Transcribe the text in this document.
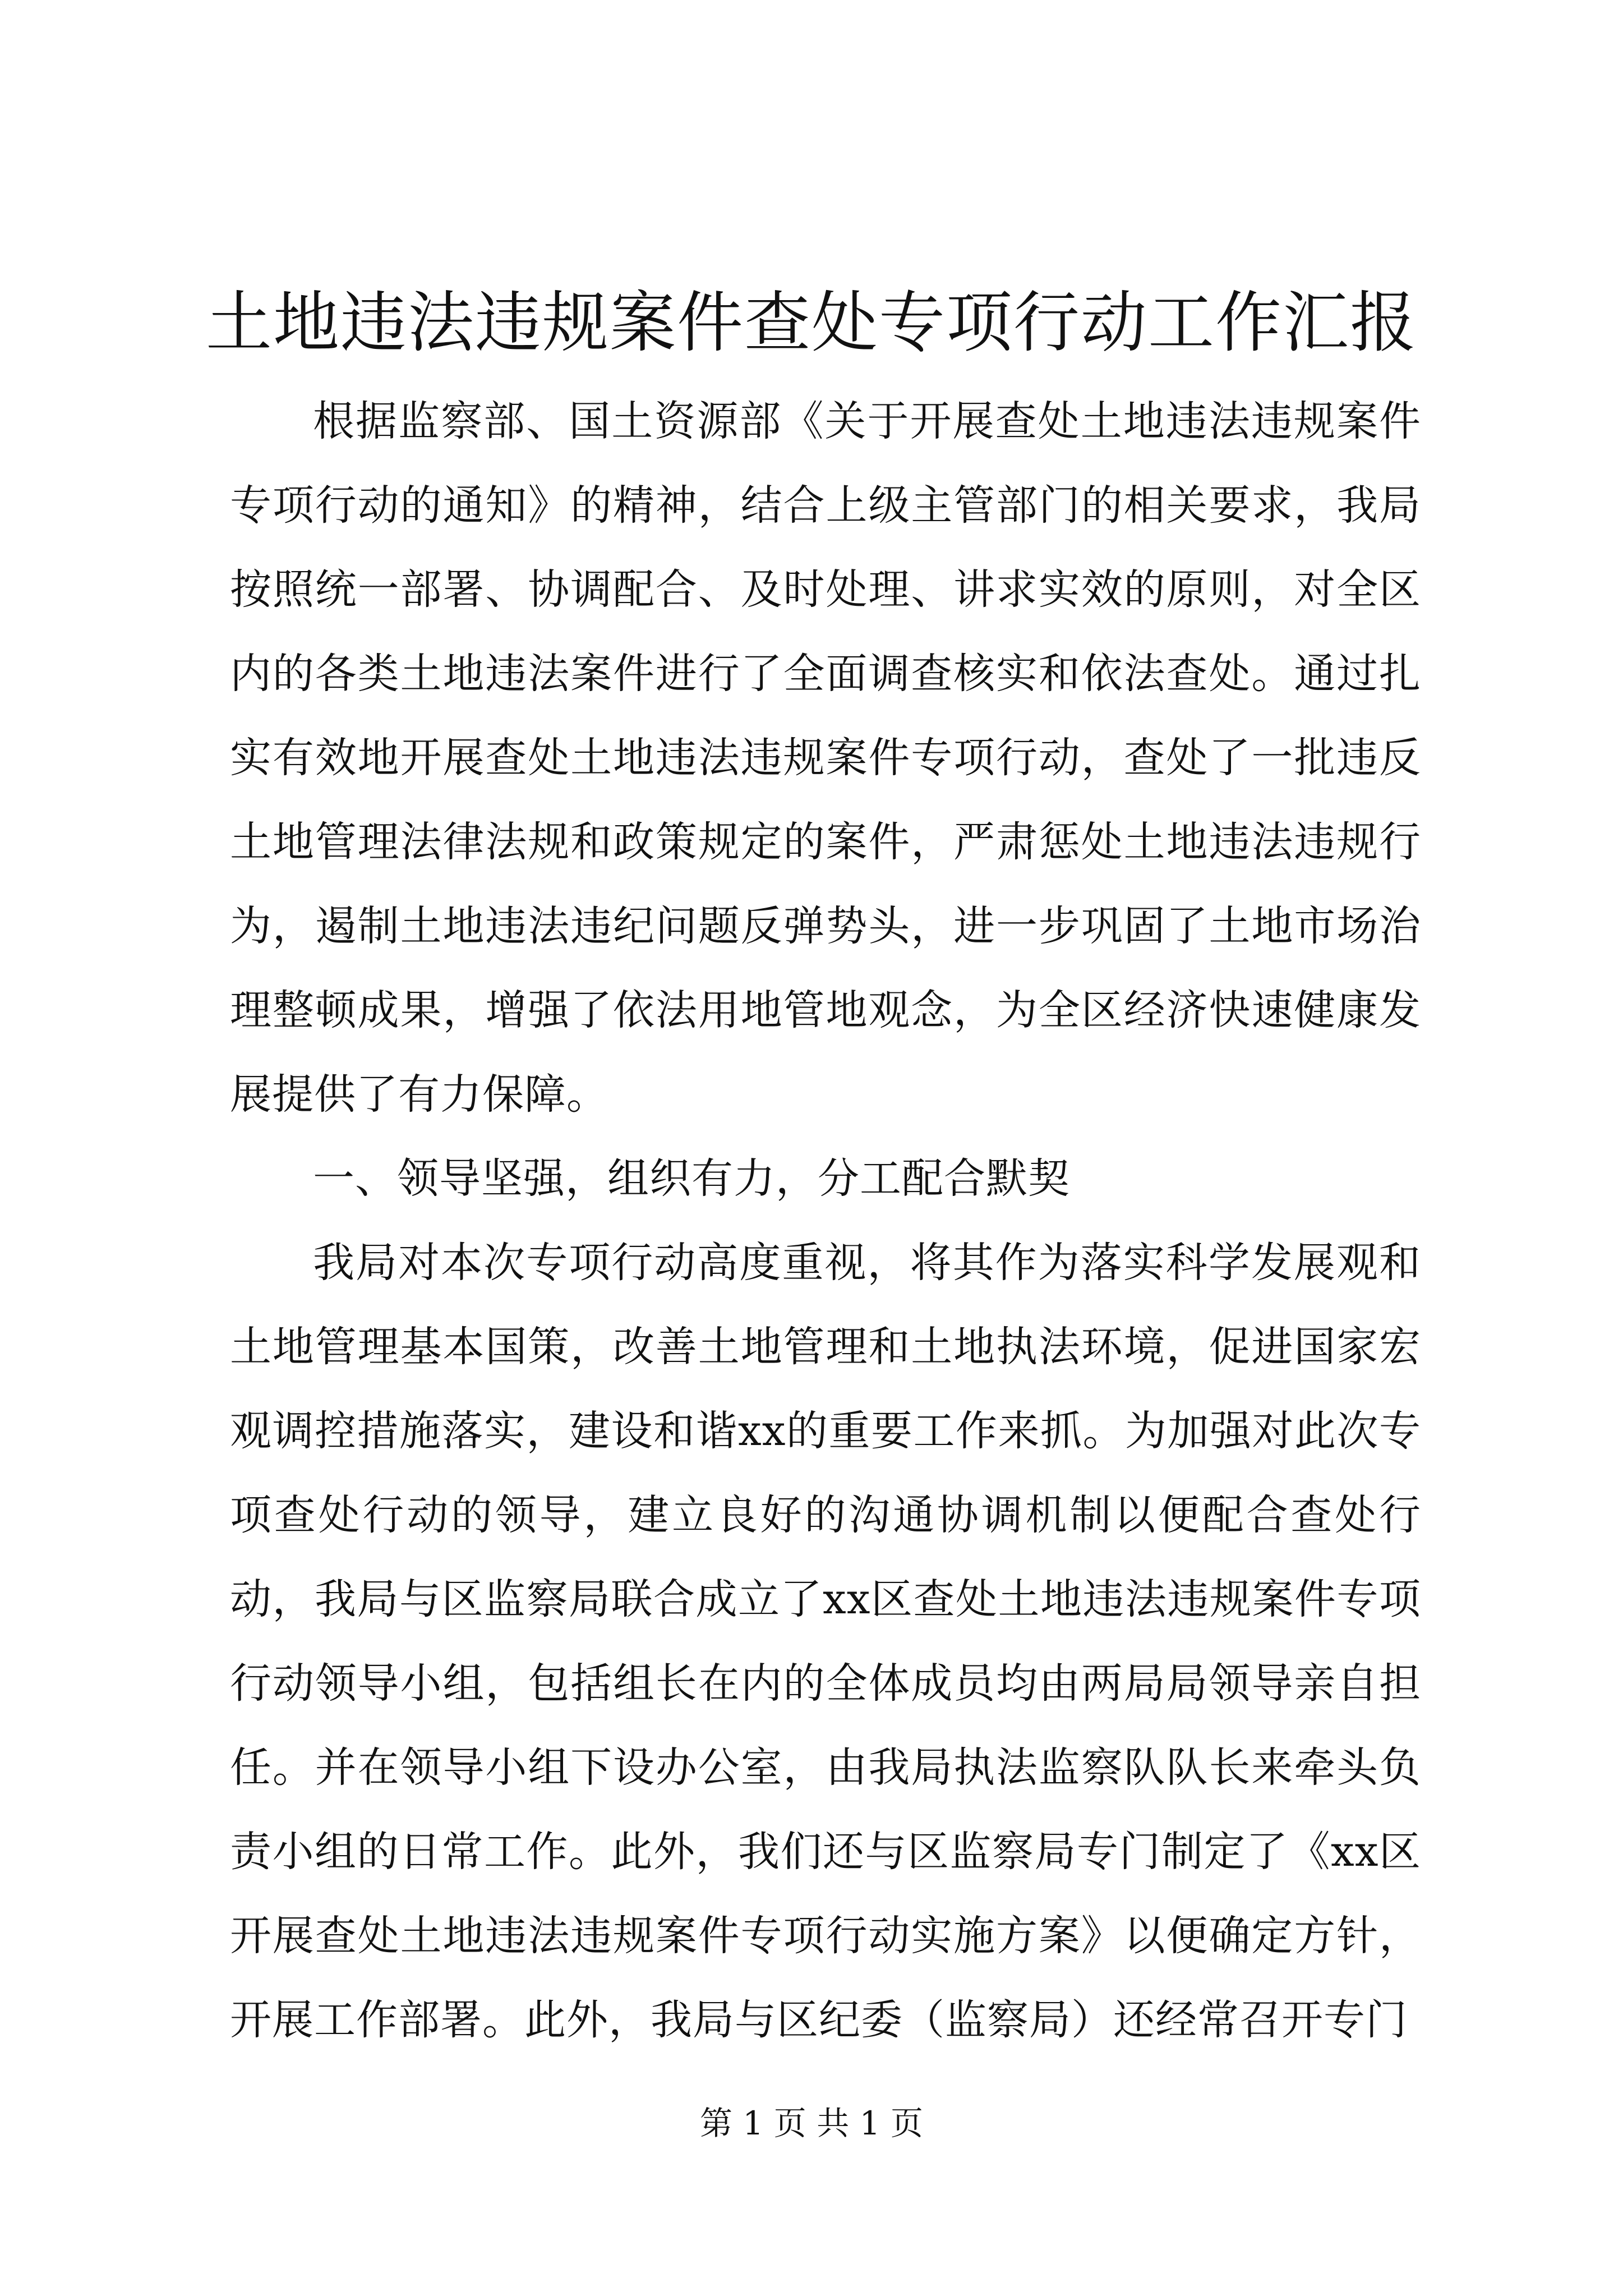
土地违法违规案件查处专项行动工作汇报

根据监察部、国土资源部《关于开展查处土地违法违规案件专项行动的通知》的精神，结合上级主管部门的相关要求，我局按照统一部署、协调配合、及时处理、讲求实效的原则，对全区内的各类土地违法案件进行了全面调查核实和依法查处。通过扎实有效地开展查处土地违法违规案件专项行动，查处了一批违反土地管理法律法规和政策规定的案件，严肃惩处土地违法违规行为，遏制土地违法违纪问题反弹势头，进一步巩固了土地市场治理整顿成果，增强了依法用地管地观念，为全区经济快速健康发展提供了有力保障。

一、领导坚强，组织有力，分工配合默契

我局对本次专项行动高度重视，将其作为落实科学发展观和土地管理基本国策，改善土地管理和土地执法环境，促进国家宏观调控措施落实，建设和谐xx的重要工作来抓。为加强对此次专项查处行动的领导，建立良好的沟通协调机制以便配合查处行动，我局与区监察局联合成立了xx区查处土地违法违规案件专项行动领导小组，包括组长在内的全体成员均由两局局领导亲自担任。并在领导小组下设办公室，由我局执法监察队队长来牵头负责小组的日常工作。此外，我们还与区监察局专门制定了《xx区开展查处土地违法违规案件专项行动实施方案》以便确定方针，开展工作部署。此外，我局与区纪委（监察局）还经常召开专门

第 1 页 共 1 页
